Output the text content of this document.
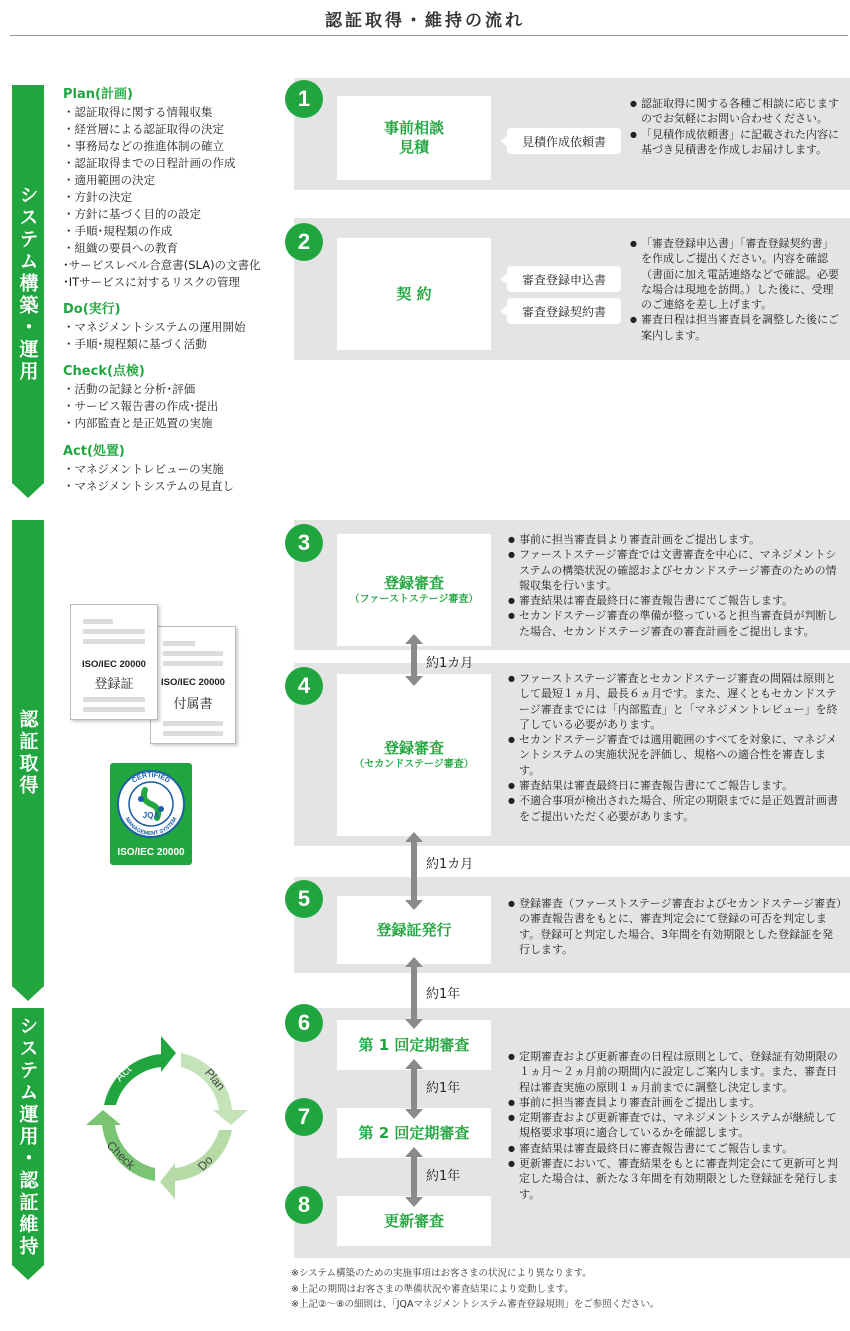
認証取得・維持の流れ
システム構築・運用
認証取得
システム運用・認証維持
Plan(計画)
・認証取得に関する情報収集
・経営層による認証取得の決定
・事務局などの推進体制の確立
・認証取得までの日程計画の作成
・適用範囲の決定
・方針の決定
・方針に基づく目的の設定
・手順･規程類の作成
・組織の要員への教育
･サービスレベル合意書(SLA)の文書化
･ITサービスに対するリスクの管理
Do(実行)
・マネジメントシステムの運用開始
・手順･規程類に基づく活動
Check(点検)
・活動の記録と分析･評価
・サービス報告書の作成･提出
・内部監査と是正処置の実施
Act(処置)
・マネジメントレビューの実施
・マネジメントシステムの見直し
事前相談
見積
1
見積作成依頼書
● 認証取得に関する各種ご相談に応じますのでお気軽にお問い合わせください。
● 「見積作成依頼書」に記載された内容に基づき見積書を作成しお届けします。
契 約
2
審査登録申込書
審査登録契約書
● 「審査登録申込書」「審査登録契約書」を作成しご提出ください。内容を確認（書面に加え電話連絡などで確認。必要な場合は現地を訪問。）した後に、受理のご連絡を差し上げます。
● 審査日程は担当審査員を調整した後にご案内します。
登録審査
（ファーストステージ審査）
登録審査
（セカンドステージ審査）
3
4
● 事前に担当審査員より審査計画をご提出します。
● ファーストステージ審査では文書審査を中心に、マネジメントシステムの構築状況の確認およびセカンドステージ審査のための情報収集を行います。
● 審査結果は審査最終日に審査報告書にてご報告します。
● セカンドステージ審査の準備が整っていると担当審査員が判断した場合、セカンドステージ審査の審査計画をご提出します。
● ファーストステージ審査とセカンドステージ審査の間隔は原則として最短１ヵ月、最長６ヵ月です。また、遅くともセカンドステージ審査までには「内部監査」と「マネジメントレビュー」を終了している必要があります。
● セカンドステージ審査では適用範囲のすべてを対象に、マネジメントシステムの実施状況を評価し、規格への適合性を審査します。
● 審査結果は審査最終日に審査報告書にてご報告します。
● 不適合事項が検出された場合、所定の期限までに是正処置計画書をご提出いただく必要があります。
登録証発行
5
●	登録審査（ファーストステージ審査およびセカンドステージ審査）の審査報告書をもとに、審査判定会にて登録の可否を判定します。登録可と判定した場合、3年間を有効期限とした登録証を発行します。
第 1 回定期審査
第 2 回定期審査
更新審査
6
7
8
● 定期審査および更新審査の日程は原則として、登録証有効期限の１ヵ月〜２ヵ月前の期間内に設定しご案内します。また、審査日程は審査実施の原則１ヵ月前までに調整し決定します。
● 事前に担当審査員より審査計画をご提出します。
● 定期審査および更新審査では、マネジメントシステムが継続して規格要求事項に適合しているかを確認します。
● 審査結果は審査最終日に審査報告書にてご報告します。
● 更新審査において、審査結果をもとに審査判定会にて更新可と判定した場合は、新たな３年間を有効期限とした登録証を発行します。
約1カ月
約1カ月
約1年
約1年
約1年
ISO/IEC 20000
付属書
ISO/IEC 20000
登録証
CERTIFIED
MANAGEMENT SYSTEM
JQA
ISO/IEC 20000
Act	Plan
Do
Check
※システム構築のための実施事項はお客さまの状況により異なります。
※上記の期間はお客さまの準備状況や審査結果により変動します。
※上記②〜⑧の細則は、「JQAマネジメントシステム審査登録規則」をご参照ください。
